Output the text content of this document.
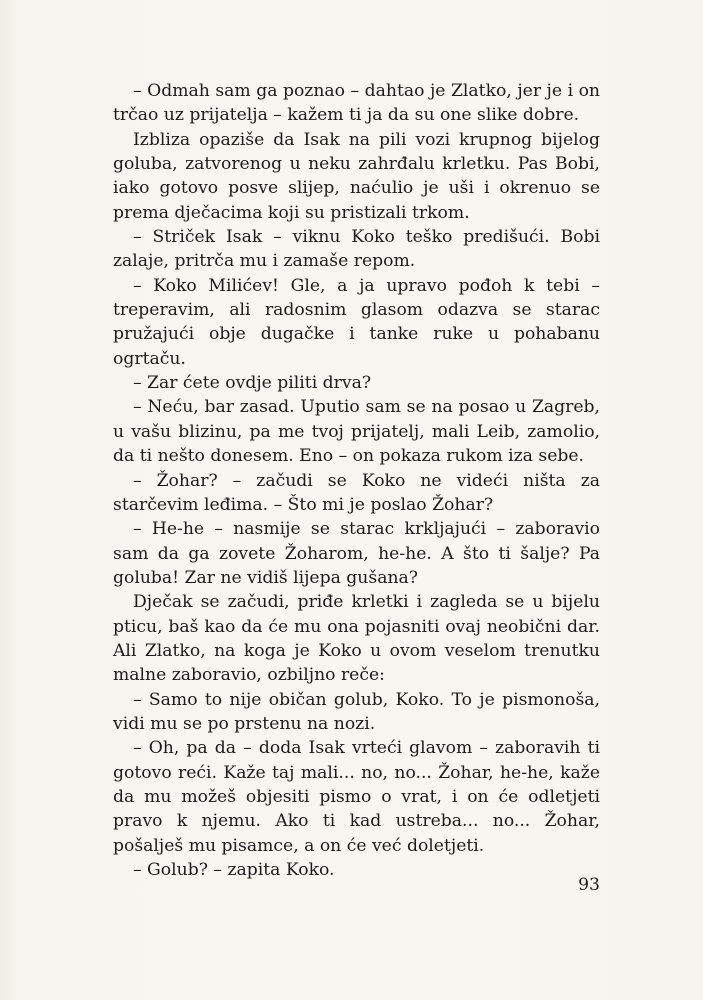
– Odmah sam ga poznao – dahtao je Zlatko, jer je i on trčao uz prijatelja – kažem ti ja da su one slike dobre.

Izbliza opaziše da Isak na pili vozi krupnog bijelog goluba, zatvorenog u neku zahrđalu krletku. Pas Bobi, iako gotovo posve slijep, naćulio je uši i okrenuo se prema dječacima koji su pristizali trkom.

– Striček Isak – viknu Koko teško predišući. Bobi zalaje, pritrča mu i zamaše repom.

– Koko Milićev! Gle, a ja upravo pođoh k tebi – treperavim, ali radosnim glasom odazva se starac pružajući obje dugačke i tanke ruke u pohabanu ogrtaču.

– Zar ćete ovdje piliti drva?

– Neću, bar zasad. Uputio sam se na posao u Zagreb, u vašu blizinu, pa me tvoj prijatelj, mali Leib, zamolio, da ti nešto donesem. Eno – on pokaza rukom iza sebe.

– Žohar? – začudi se Koko ne videći ništa za starčevim leđima. – Što mi je poslao Žohar?

– He-he – nasmije se starac krkljajući – zaboravio sam da ga zovete Žoharom, he-he. A što ti šalje? Pa goluba! Zar ne vidiš lijepa gušana?

Dječak se začudi, priđe krletki i zagleda se u bijelu pticu, baš kao da će mu ona pojasniti ovaj neobični dar. Ali Zlatko, na koga je Koko u ovom veselom trenutku malne zaboravio, ozbiljno reče:

– Samo to nije običan golub, Koko. To je pismonoša, vidi mu se po prstenu na nozi.

– Oh, pa da – doda Isak vrteći glavom – zaboravih ti gotovo reći. Kaže taj mali... no, no... Žohar, he-he, kaže da mu možeš objesiti pismo o vrat, i on će odletjeti pravo k njemu. Ako ti kad ustreba... no... Žohar, pošalješ mu pisamce, a on će već doletjeti.

– Golub? – zapita Koko.

93
